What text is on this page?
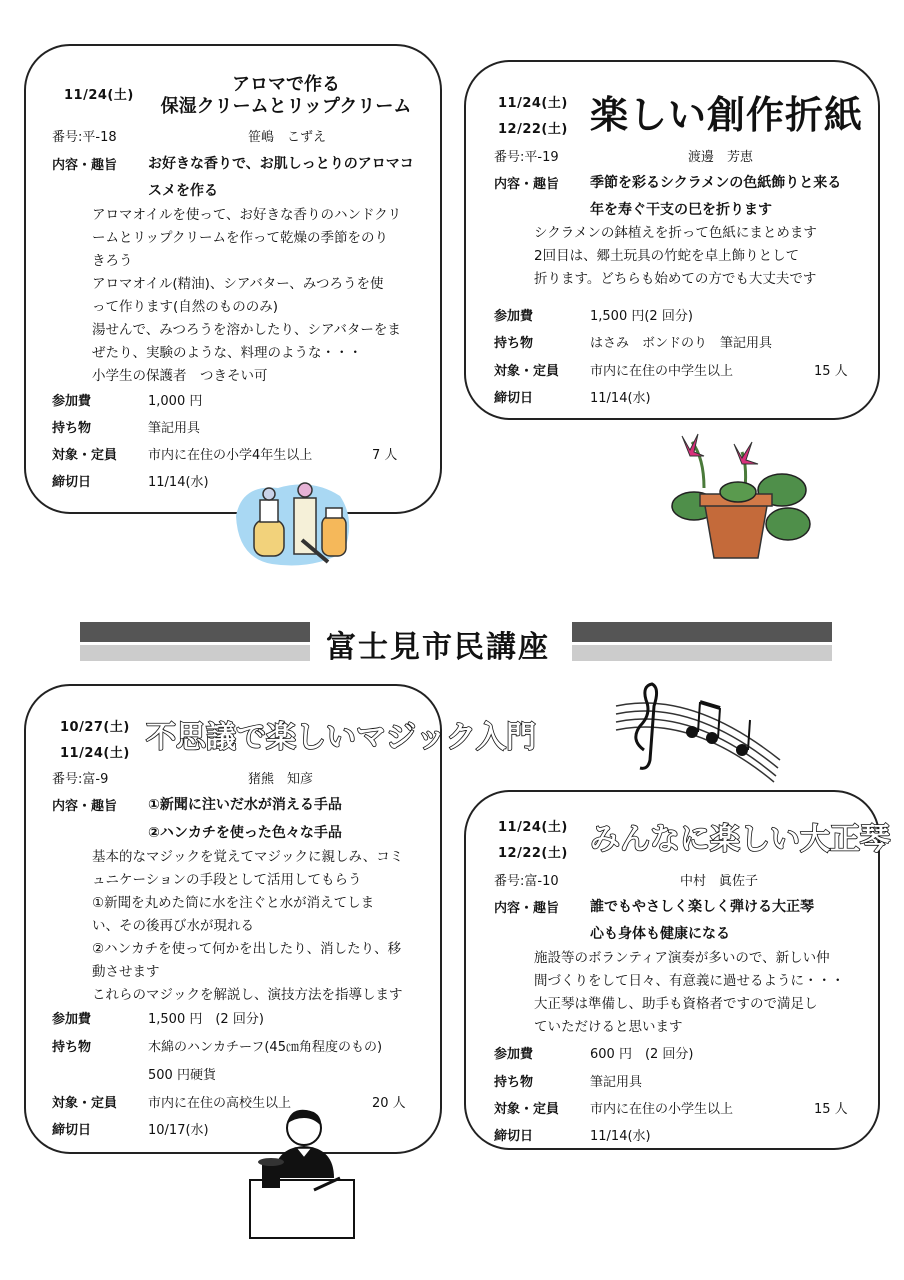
11/24(土)
アロマで作る
保湿クリームとリップクリーム
番号:平-18	笹嶋　こずえ
内容・趣旨 お好きな香りで、お肌しっとりのアロマコ
スメを作る
アロマオイルを使って、お好きな香りのハンドクリ
ームとリップクリームを作って乾燥の季節をのり
きろう
アロマオイル(精油)、シアバター、みつろうを使
って作ります(自然のもののみ)
湯せんで、みつろうを溶かしたり、シアバターをま
ぜたり、実験のような、料理のような・・・
小学生の保護者　つきそい可
参加費	1,000 円
持ち物	筆記用具
対象・定員 市内に在住の小学4年生以上	7 人
締切日	11/14(水)
11/24(土)
12/22(土) 楽しい創作折紙
番号:平-19	渡邊　芳恵
内容・趣旨 季節を彩るシクラメンの色紙飾りと来る
年を寿ぐ干支の巳を折ります
シクラメンの鉢植えを折って色紙にまとめます
2回目は、郷土玩具の竹蛇を卓上飾りとして
折ります。どちらも始めての方でも大丈夫です
参加費	1,500 円(2 回分)
持ち物	はさみ　ボンドのり　筆記用具
対象・定員 市内に在住の中学生以上	15 人
締切日	11/14(水)
富士見市民講座
10/27(土)
11/24(土) 不思議で楽しいマジック入門
番号:富-9	猪熊　知彦
内容・趣旨 ①新聞に注いだ水が消える手品
②ハンカチを使った色々な手品
基本的なマジックを覚えてマジックに親しみ、コミ
ュニケーションの手段として活用してもらう
①新聞を丸めた筒に水を注ぐと水が消えてしま
い、その後再び水が現れる
②ハンカチを使って何かを出したり、消したり、移
動させます
これらのマジックを解説し、演技方法を指導します
参加費	1,500 円　(2 回分)
持ち物	木綿のハンカチーフ(45㎝角程度のもの)
500 円硬貨
対象・定員 市内に在住の高校生以上	20 人
締切日	10/17(水)
11/24(土)
12/22(土) みんなに楽しい大正琴
番号:富-10	中村　眞佐子
内容・趣旨 誰でもやさしく楽しく弾ける大正琴
心も身体も健康になる
施設等のボランティア演奏が多いので、新しい仲
間づくりをして日々、有意義に過せるように・・・
大正琴は準備し、助手も資格者ですので満足し
ていただけると思います
参加費	600 円　(2 回分)
持ち物	筆記用具
対象・定員 市内に在住の小学生以上	15 人
締切日	11/14(水)
